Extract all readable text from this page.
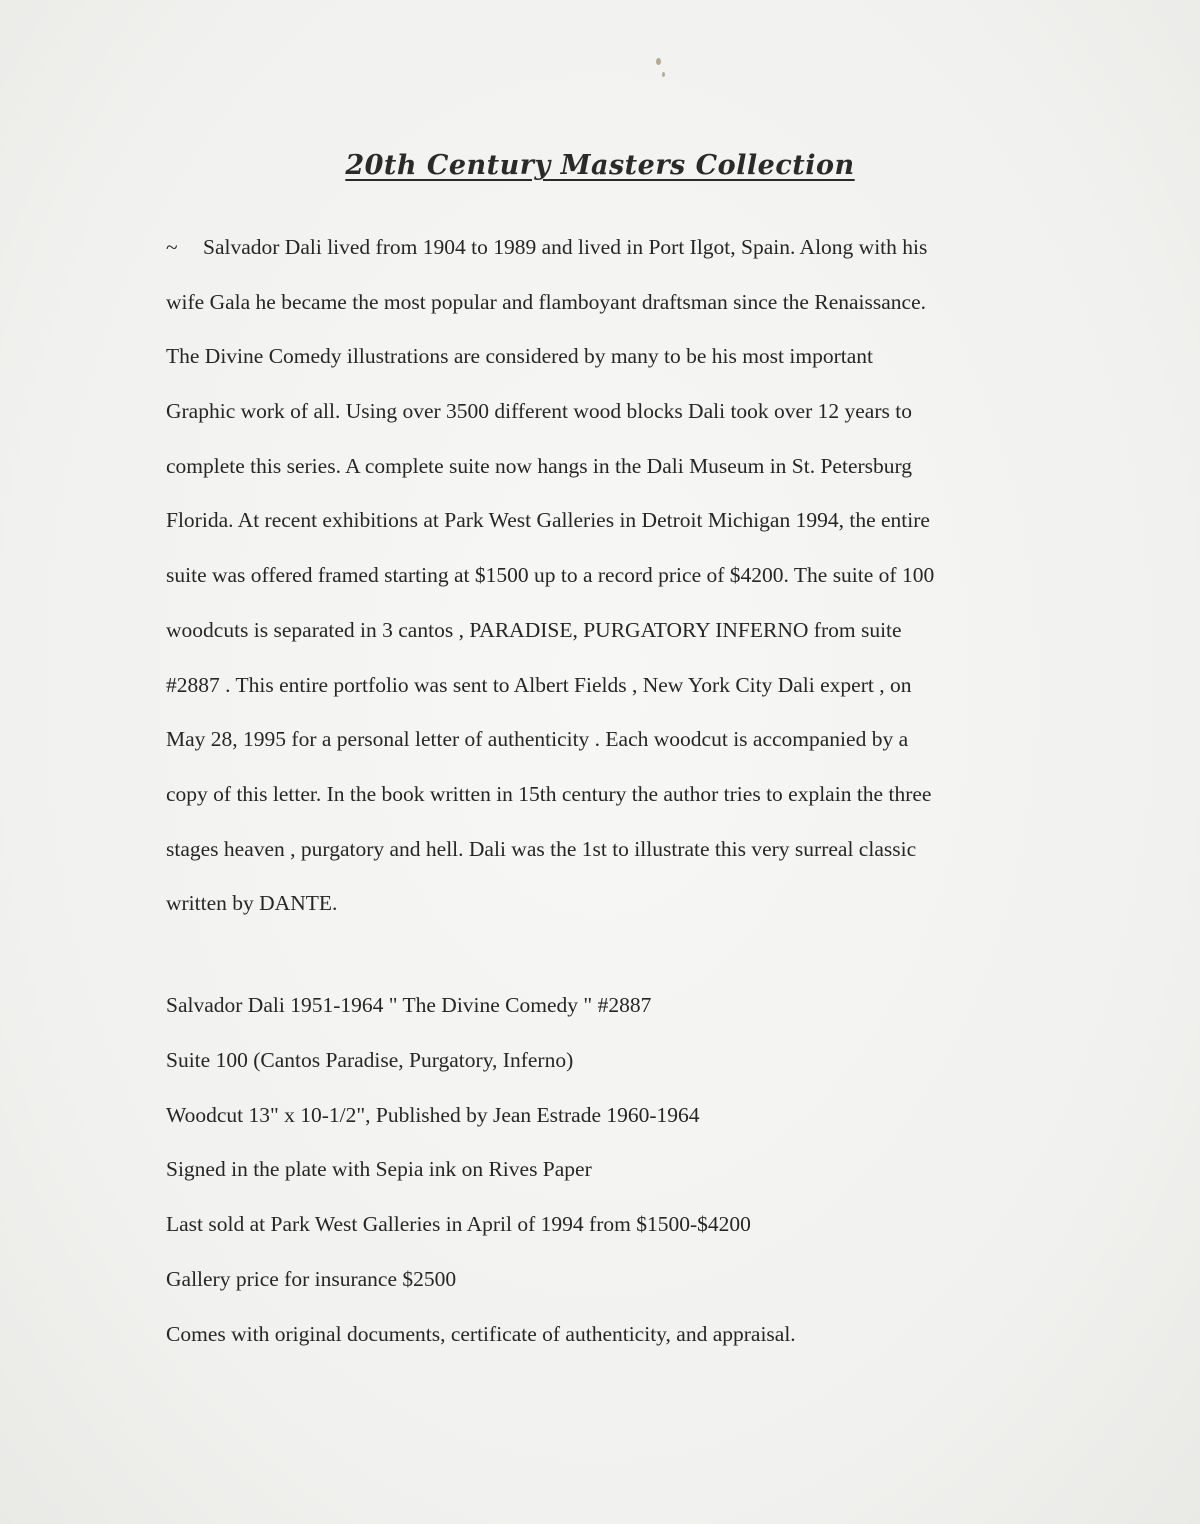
20th Century Masters Collection
~ Salvador Dali lived from 1904 to 1989 and lived in Port Ilgot, Spain. Along with his
wife Gala he became the most popular and flamboyant draftsman since the Renaissance.
The Divine Comedy illustrations are considered by many to be his most important
Graphic work of all. Using over 3500 different wood blocks Dali took over 12 years to
complete this series. A complete suite now hangs in the Dali Museum in St. Petersburg
Florida. At recent exhibitions at Park West Galleries in Detroit Michigan 1994, the entire
suite was offered framed starting at $1500 up to a record price of $4200. The suite of 100
woodcuts is separated in 3 cantos , PARADISE, PURGATORY INFERNO from suite
#2887 . This entire portfolio was sent to Albert Fields , New York City Dali expert , on
May 28, 1995 for a personal letter of authenticity . Each woodcut is accompanied by a
copy of this letter. In the book written in 15th century the author tries to explain the three
stages heaven , purgatory and hell. Dali was the 1st to illustrate this very surreal classic
written by DANTE.
Salvador Dali 1951-1964 " The Divine Comedy " #2887
Suite 100 (Cantos Paradise, Purgatory, Inferno)
Woodcut 13" x 10-1/2", Published by Jean Estrade 1960-1964
Signed in the plate with Sepia ink on Rives Paper
Last sold at Park West Galleries in April of 1994 from $1500-$4200
Gallery price for insurance $2500
Comes with original documents, certificate of authenticity, and appraisal.
